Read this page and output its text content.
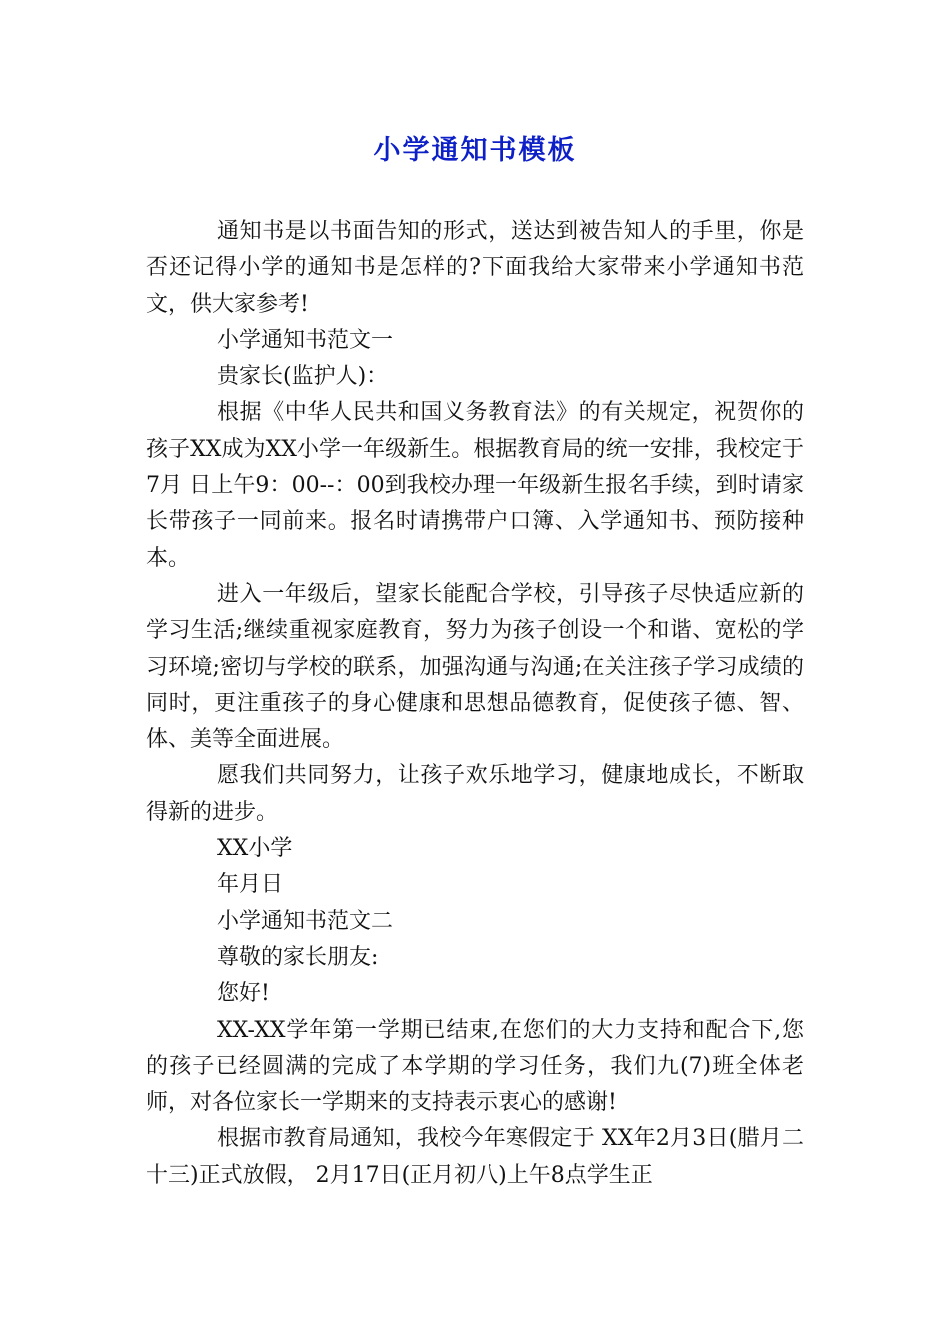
小学通知书模板

通知书是以书面告知的形式，送达到被告知人的手里，你是否还记得小学的通知书是怎样的?下面我给大家带来小学通知书范文，供大家参考!

小学通知书范文一

贵家长(监护人)：

根据《中华人民共和国义务教育法》的有关规定，祝贺你的孩子XX成为XX小学一年级新生。根据教育局的统一安排，我校定于7月 日上午9：00--：00到我校办理一年级新生报名手续，到时请家长带孩子一同前来。报名时请携带户口簿、入学通知书、预防接种本。

进入一年级后，望家长能配合学校，引导孩子尽快适应新的学习生活;继续重视家庭教育，努力为孩子创设一个和谐、宽松的学习环境;密切与学校的联系，加强沟通与沟通;在关注孩子学习成绩的同时，更注重孩子的身心健康和思想品德教育，促使孩子德、智、体、美等全面进展。

愿我们共同努力，让孩子欢乐地学习，健康地成长，不断取得新的进步。

XX小学

年月日

小学通知书范文二

尊敬的家长朋友:

您好!

XX-XX学年第一学期已结束,在您们的大力支持和配合下,您的孩子已经圆满的完成了本学期的学习任务，我们九(7)班全体老师，对各位家长一学期来的支持表示衷心的感谢!

根据市教育局通知，我校今年寒假定于 XX年2月3日(腊月二十三)正式放假， 2月17日(正月初八)上午8点学生正
